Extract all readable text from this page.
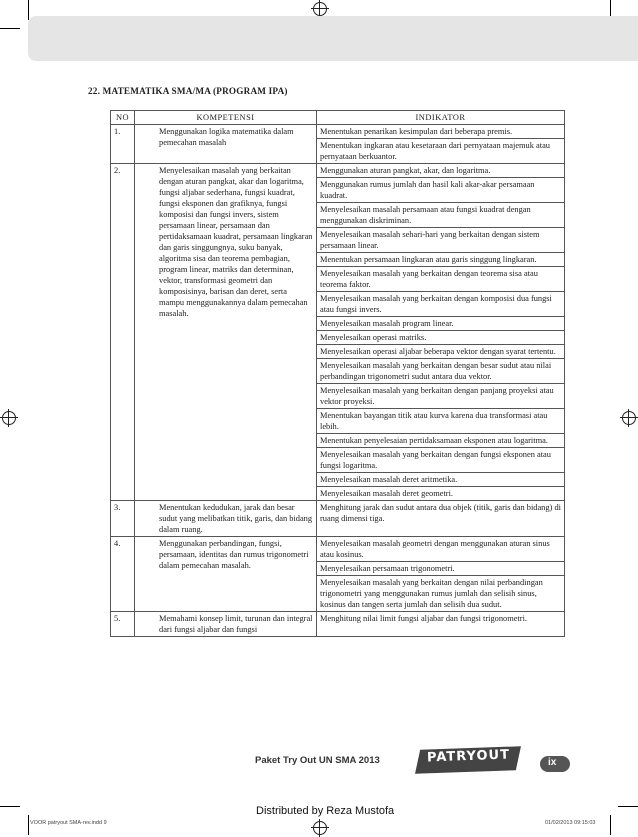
22. MATEMATIKA SMA/MA (PROGRAM IPA)
NO	KOMPETENSI	INDIKATOR
1.	Menggunakan logika matematika dalam pemecahan masalah	Menentukan penarikan kesimpulan dari beberapa premis.
		Menentukan ingkaran atau kesetaraan dari pernyataan majemuk atau pernyataan berkuantor.
2.	Menyelesaikan masalah yang berkaitan dengan aturan pangkat, akar dan logaritma, fungsi aljabar sederhana, fungsi kuadrat, fungsi eksponen dan grafiknya, fungsi komposisi dan fungsi invers, sistem persamaan linear, persamaan dan pertidaksamaan kuadrat, persamaan lingkaran dan garis singgungnya, suku banyak, algoritma sisa dan teorema pembagian, program linear, matriks dan determinan, vektor, transformasi geometri dan komposisinya, barisan dan deret, serta mampu menggunakannya dalam pemecahan masalah.	Menggunakan aturan pangkat, akar, dan logaritma.
		Menggunakan rumus jumlah dan hasil kali akar-akar persamaan kuadrat.
		Menyelesaikan masalah persamaan atau fungsi kuadrat dengan menggunakan diskriminan.
		Menyelesaikan masalah sehari-hari yang berkaitan dengan sistem persamaan linear.
		Menentukan persamaan lingkaran atau garis singgung lingkaran.
		Menyelesaikan masalah yang berkaitan dengan teorema sisa atau teorema faktor.
		Menyelesaikan masalah yang berkaitan dengan komposisi dua fungsi atau fungsi invers.
		Menyelesaikan masalah program linear.
		Menyelesaikan operasi matriks.
		Menyelesaikan operasi aljabar beberapa vektor dengan syarat tertentu.
		Menyelesaikan masalah yang berkaitan dengan besar sudut atau nilai perbandingan trigonometri sudut antara dua vektor.
		Menyelesaikan masalah yang berkaitan dengan panjang proyeksi atau vektor proyeksi.
		Menentukan bayangan titik atau kurva karena dua transformasi atau lebih.
		Menentukan penyelesaian pertidaksamaan eksponen atau logaritma.
		Menyelesaikan masalah yang berkaitan dengan fungsi eksponen atau fungsi logaritma.
		Menyelesaikan masalah deret aritmetika.
		Menyelesaikan masalah deret geometri.
3.	Menentukan kedudukan, jarak dan besar sudut yang melibatkan titik, garis, dan bidang dalam ruang.	Menghitung jarak dan sudut antara dua objek (titik, garis dan bidang) di ruang dimensi tiga.
4.	Menggunakan perbandingan, fungsi, persamaan, identitas dan rumus trigonometri dalam pemecahan masalah.	Menyelesaikan masalah geometri dengan menggunakan aturan sinus atau kosinus.
		Menyelesaikan persamaan trigonometri.
		Menyelesaikan masalah yang berkaitan dengan nilai perbandingan trigonometri yang menggunakan rumus jumlah dan selisih sinus, kosinus dan tangen serta jumlah dan selisih dua sudut.
5.	Memahami konsep limit, turunan dan integral dari fungsi aljabar dan fungsi	Menghitung nilai limit fungsi aljabar dan fungsi trigonometri.
Paket Try Out UN SMA 2013	PATRYOUT	ix
Distributed by Reza Mustofa
VOOR patryout SMA-rev.indd 9	01/02/2013 09:15:03
